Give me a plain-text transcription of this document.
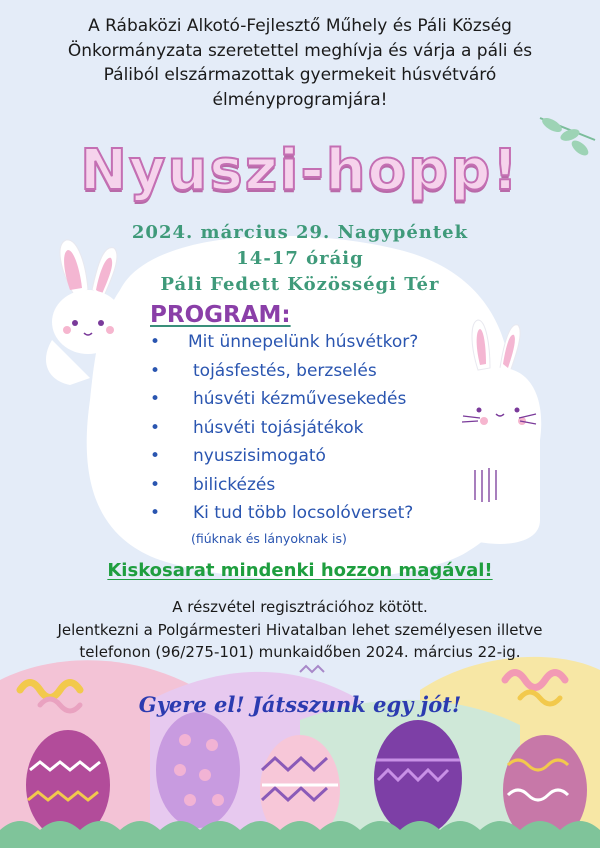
A Rábaközi Alkotó-Fejlesztő Műhely és Páli Község
Önkormányzata szeretettel meghívja és várja a páli és
Páliból elszármazottak gyermekeit húsvétváró
élményprogramjára!
Nyuszi-hopp!
2024. március 29. Nagypéntek
14-17 óráig
Páli Fedett Közösségi Tér
PROGRAM:
• Mit ünnepelünk húsvétkor?
• tojásfestés, berzselés
• húsvéti kézművesekedés
• húsvéti tojásjátékok
• nyuszisimogató
• bilickézés
• Ki tud több locsolóverset?
(fiúknak és lányoknak is)
Kiskosarat mindenki hozzon magával!
A részvétel regisztrációhoz kötött.
Jelentkezni a Polgármesteri Hivatalban lehet személyesen illetve
telefonon (96/275-101) munkaidőben 2024. március 22-ig.
Gyere el! Játsszunk egy jót!
